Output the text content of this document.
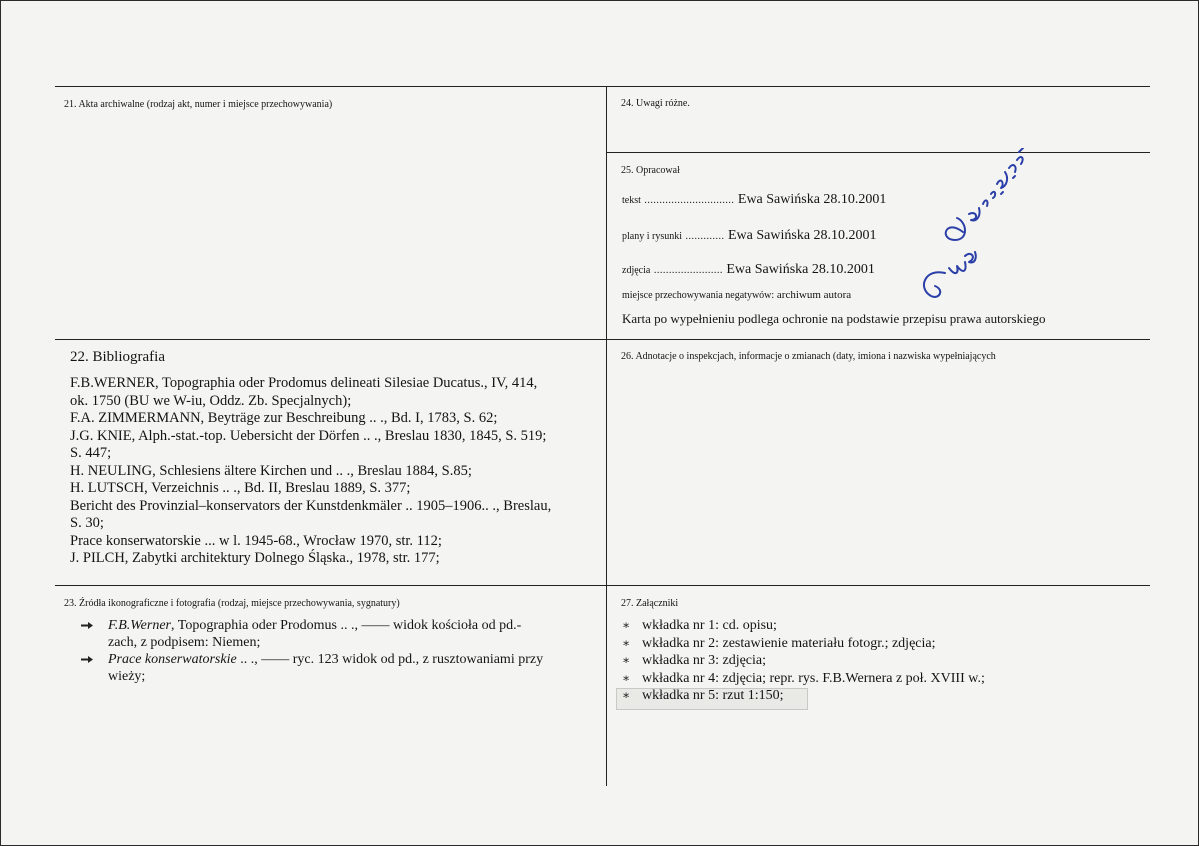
21. Akta archiwalne (rodzaj akt, numer i miejsce przechowywania)	24. Uwagi różne.
25. Opracował
tekst .............................. Ewa Sawińska 28.10.2001
plany i rysunki ............. Ewa Sawińska 28.10.2001
zdjęcia ....................... Ewa Sawińska 28.10.2001
miejsce przechowywania negatywów: archiwum autora
Karta po wypełnieniu podlega ochronie na podstawie przepisu prawa autorskiego
22. Bibliografia
F.B.WERNER, Topographia oder Prodomus delineati Silesiae Ducatus., IV, 414,
ok. 1750 (BU we W-iu, Oddz. Zb. Specjalnych);
F.A. ZIMMERMANN, Beyträge zur Beschreibung .. ., Bd. I, 1783, S. 62;
J.G. KNIE, Alph.-stat.-top. Uebersicht der Dörfen .. ., Breslau 1830, 1845, S. 519;
S. 447;
H. NEULING, Schlesiens ältere Kirchen und .. ., Breslau 1884, S.85;
H. LUTSCH, Verzeichnis .. ., Bd. II, Breslau 1889, S. 377;
Bericht des Provinzial–konservators der Kunstdenkmäler .. 1905–1906.. ., Breslau,
S. 30;
Prace konserwatorskie ... w l. 1945-68., Wrocław 1970, str. 112;
J. PILCH, Zabytki architektury Dolnego Śląska., 1978, str. 177;
26. Adnotacje o inspekcjach, informacje o zmianach (daty, imiona i nazwiska wypełniających
23. Źródła ikonograficzne i fotografia (rodzaj, miejsce przechowywania, sygnatury)
F.B.Werner, Topographia oder Prodomus .. ., —— widok kościoła od pd.-
zach, z podpisem: Niemen;
Prace konserwatorskie .. ., —— ryc. 123 widok od pd., z rusztowaniami przy
wieży;
27. Załączniki
∗ wkładka nr 1: cd. opisu;
∗ wkładka nr 2: zestawienie materiału fotogr.; zdjęcia;
∗ wkładka nr 3: zdjęcia;
∗ wkładka nr 4: zdjęcia; repr. rys. F.B.Wernera z poł. XVIII w.;
∗ wkładka nr 5: rzut 1:150;
